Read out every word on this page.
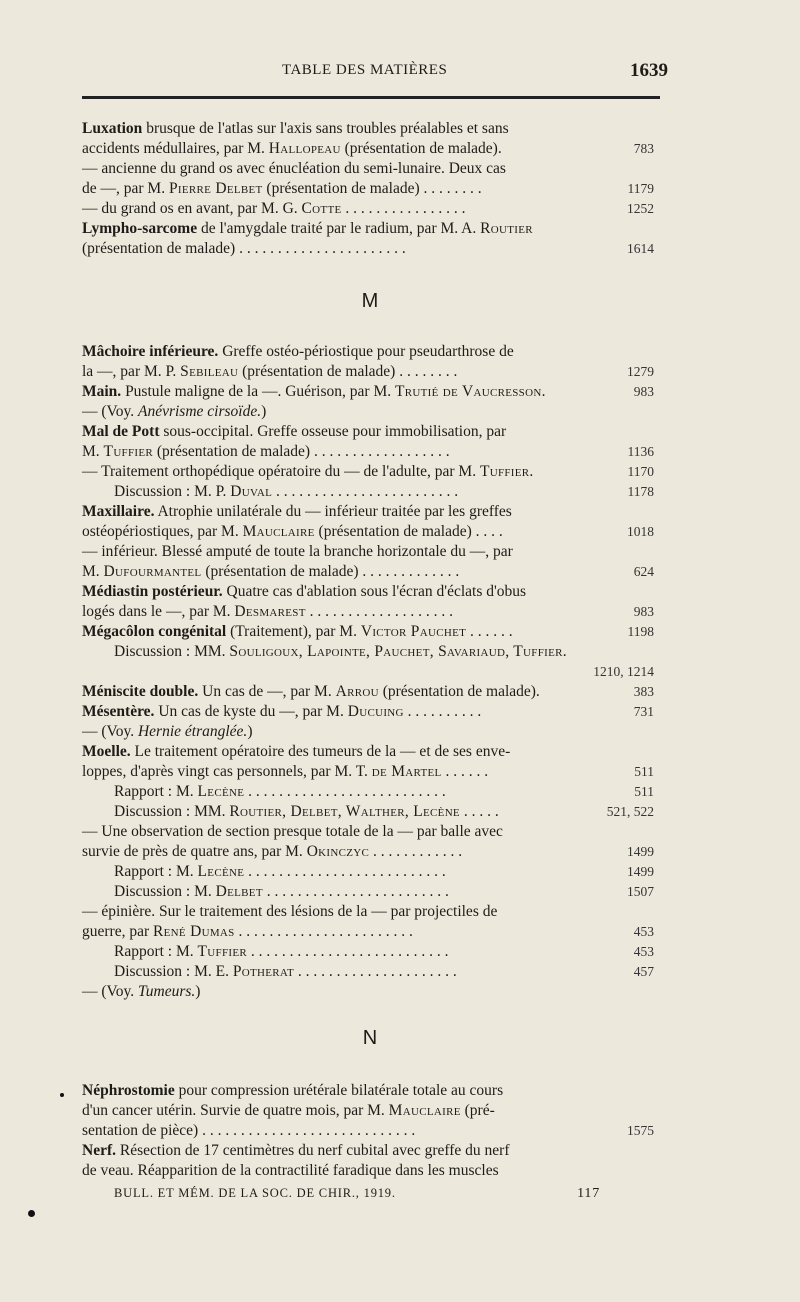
TABLE DES MATIÈRES	1639
M
N
Luxation brusque de l'atlas sur l'axis sans troubles préalables et sans
accidents médullaires, par M. Hallopeau (présentation de malade).	783
— ancienne du grand os avec énucléation du semi-lunaire. Deux cas
de —, par M. Pierre Delbet (présentation de malade) . . . . . . . .	1179
— du grand os en avant, par M. G. Cotte . . . . . . . . . . . . . . . .	1252
Lympho-sarcome de l'amygdale traité par le radium, par M. A. Routier
(présentation de malade) . . . . . . . . . . . . . . . . . . . . . .	1614
Mâchoire inférieure. Greffe ostéo-périostique pour pseudarthrose de
la —, par M. P. Sebileau (présentation de malade) . . . . . . . .	1279
Main. Pustule maligne de la —. Guérison, par M. Trutié de Vaucresson.	983
— (Voy. Anévrisme cirsoïde.)
Mal de Pott sous-occipital. Greffe osseuse pour immobilisation, par
M. Tuffier (présentation de malade) . . . . . . . . . . . . . . . . . .	1136
— Traitement orthopédique opératoire du — de l'adulte, par M. Tuffier.	1170
Discussion : M. P. Duval . . . . . . . . . . . . . . . . . . . . . . . .	1178
Maxillaire. Atrophie unilatérale du — inférieur traitée par les greffes
ostéopériostiques, par M. Mauclaire (présentation de malade) . . . .	1018
— inférieur. Blessé amputé de toute la branche horizontale du —, par
M. Dufourmantel (présentation de malade) . . . . . . . . . . . . .	624
Médiastin postérieur. Quatre cas d'ablation sous l'écran d'éclats d'obus
logés dans le —, par M. Desmarest . . . . . . . . . . . . . . . . . . .	983
Mégacôlon congénital (Traitement), par M. Victor Pauchet . . . . . .	1198
Discussion : MM. Souligoux, Lapointe, Pauchet, Savariaud, Tuffier.
1210, 1214
Méniscite double. Un cas de —, par M. Arrou (présentation de malade).	383
Mésentère. Un cas de kyste du —, par M. Ducuing . . . . . . . . . .	731
— (Voy. Hernie étranglée.)
Moelle. Le traitement opératoire des tumeurs de la — et de ses enve-
loppes, d'après vingt cas personnels, par M. T. de Martel . . . . . .	511
Rapport : M. Lecène . . . . . . . . . . . . . . . . . . . . . . . . . .	511
Discussion : MM. Routier, Delbet, Walther, Lecène . . . . .	521, 522
— Une observation de section presque totale de la — par balle avec
survie de près de quatre ans, par M. Okinczyc . . . . . . . . . . . .	1499
Rapport : M. Lecène . . . . . . . . . . . . . . . . . . . . . . . . . .	1499
Discussion : M. Delbet . . . . . . . . . . . . . . . . . . . . . . . .	1507
— épinière. Sur le traitement des lésions de la — par projectiles de
guerre, par René Dumas . . . . . . . . . . . . . . . . . . . . . . .	453
Rapport : M. Tuffier . . . . . . . . . . . . . . . . . . . . . . . . . .	453
Discussion : M. E. Potherat . . . . . . . . . . . . . . . . . . . . .	457
— (Voy. Tumeurs.)
Néphrostomie pour compression urétérale bilatérale totale au cours
d'un cancer utérin. Survie de quatre mois, par M. Mauclaire (pré-
sentation de pièce) . . . . . . . . . . . . . . . . . . . . . . . . . . . .	1575
Nerf. Résection de 17 centimètres du nerf cubital avec greffe du nerf
de veau. Réapparition de la contractilité faradique dans les muscles
BULL. ET MÉM. DE LA SOC. DE CHIR., 1919.	117
